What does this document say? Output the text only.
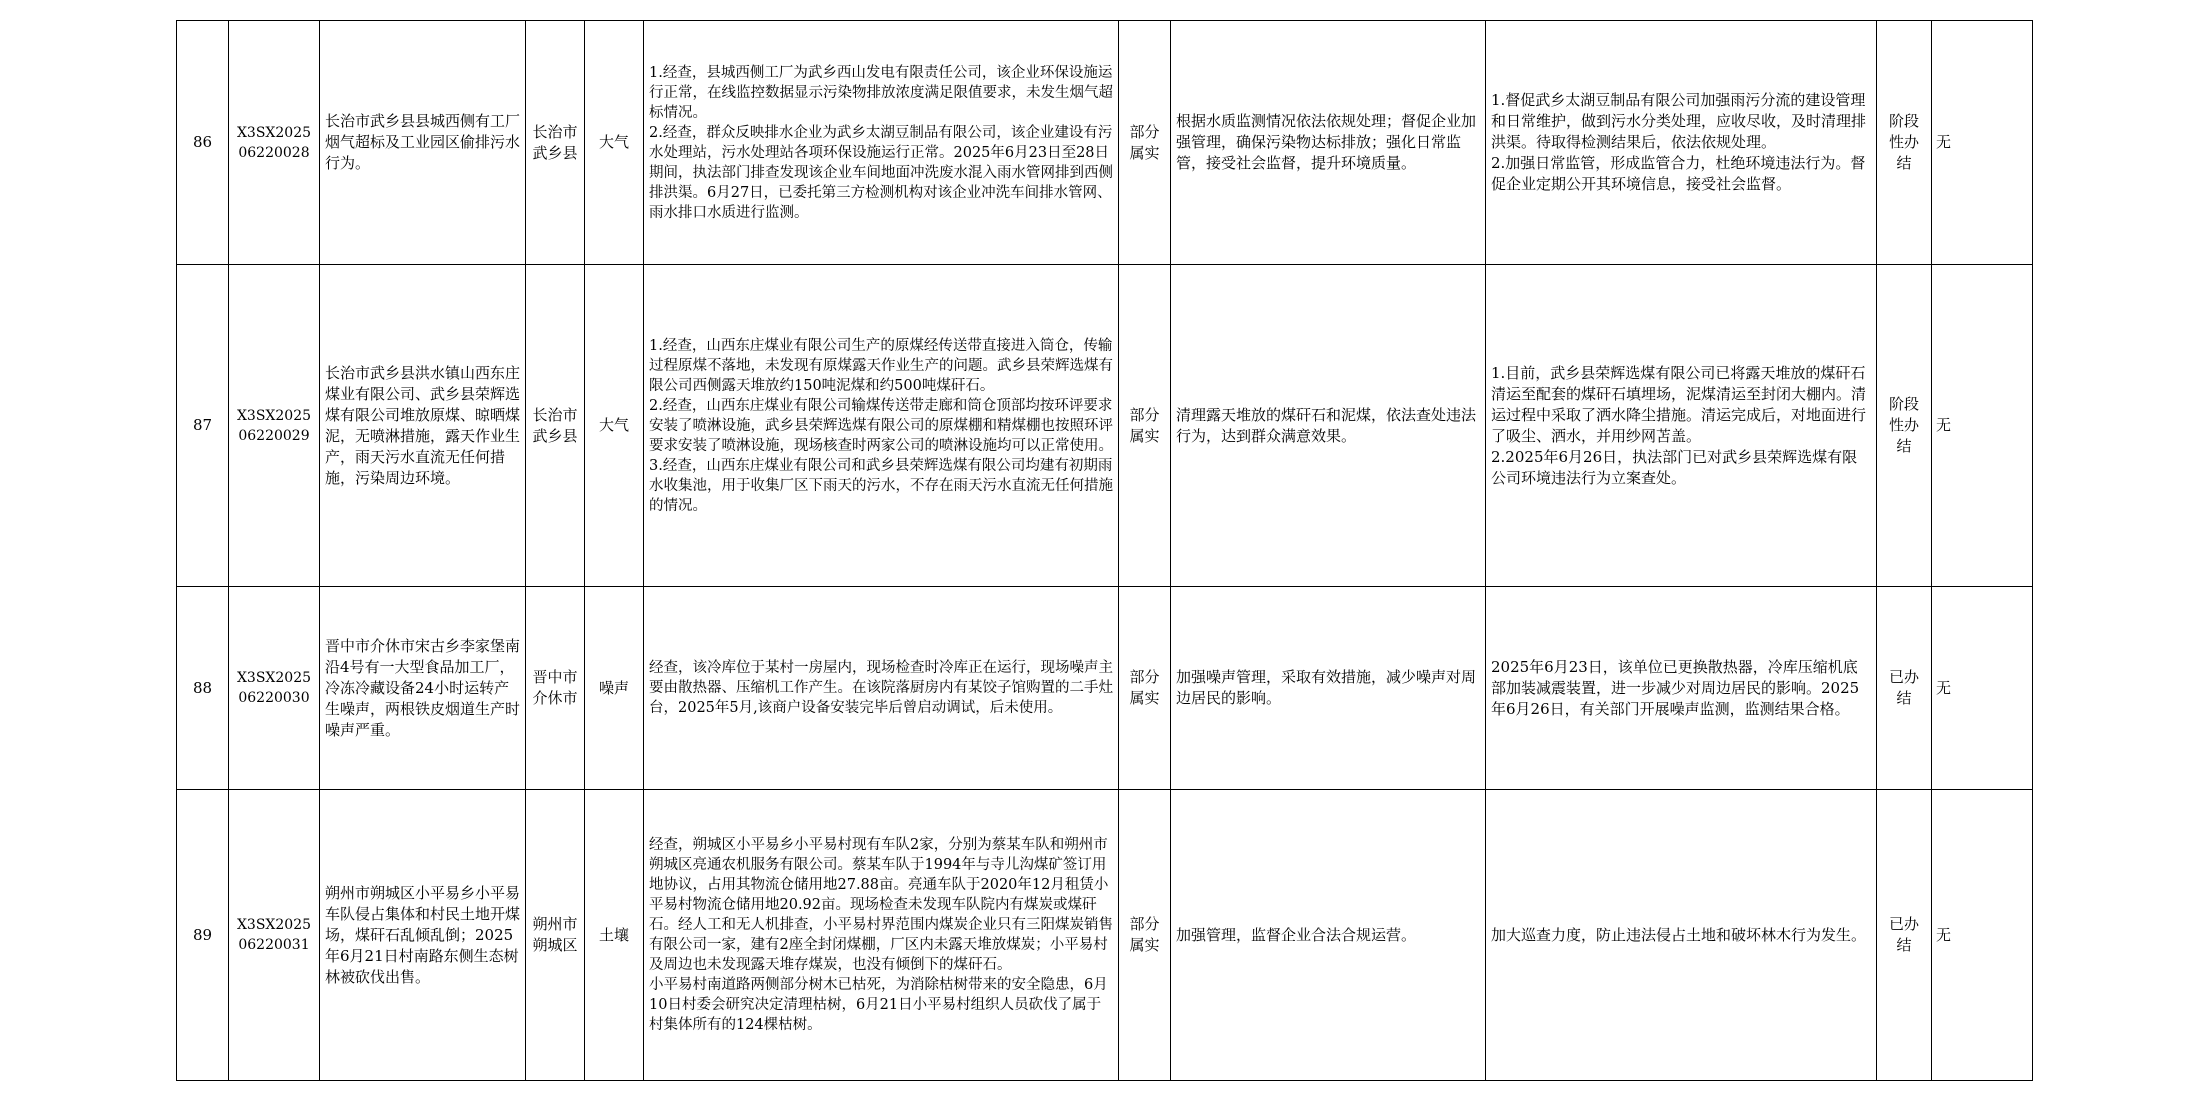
86	X3SX202506220028	长治市武乡县县城西侧有工厂烟气超标及工业园区偷排污水行为。	长治市武乡县	大气	1.经查，县城西侧工厂为武乡西山发电有限责任公司，该企业环保设施运行正常，在线监控数据显示污染物排放浓度满足限值要求，未发生烟气超标情况。
2.经查，群众反映排水企业为武乡太湖豆制品有限公司，该企业建设有污水处理站，污水处理站各项环保设施运行正常。2025年6月23日至28日期间，执法部门排查发现该企业车间地面冲洗废水混入雨水管网排到西侧排洪渠。6月27日，已委托第三方检测机构对该企业冲洗车间排水管网、雨水排口水质进行监测。	部分属实	根据水质监测情况依法依规处理；督促企业加强管理，确保污染物达标排放；强化日常监管，接受社会监督，提升环境质量。	1.督促武乡太湖豆制品有限公司加强雨污分流的建设管理和日常维护，做到污水分类处理，应收尽收，及时清理排洪渠。待取得检测结果后，依法依规处理。
2.加强日常监管，形成监管合力，杜绝环境违法行为。督促企业定期公开其环境信息，接受社会监督。	阶段性办结	无
87	X3SX202506220029	长治市武乡县洪水镇山西东庄煤业有限公司、武乡县荣辉选煤有限公司堆放原煤、晾晒煤泥，无喷淋措施，露天作业生产，雨天污水直流无任何措施，污染周边环境。	长治市武乡县	大气	1.经查，山西东庄煤业有限公司生产的原煤经传送带直接进入筒仓，传输过程原煤不落地，未发现有原煤露天作业生产的问题。武乡县荣辉选煤有限公司西侧露天堆放约150吨泥煤和约500吨煤矸石。
2.经查，山西东庄煤业有限公司输煤传送带走廊和筒仓顶部均按环评要求安装了喷淋设施，武乡县荣辉选煤有限公司的原煤棚和精煤棚也按照环评要求安装了喷淋设施，现场核查时两家公司的喷淋设施均可以正常使用。
3.经查，山西东庄煤业有限公司和武乡县荣辉选煤有限公司均建有初期雨水收集池，用于收集厂区下雨天的污水，不存在雨天污水直流无任何措施的情况。	部分属实	清理露天堆放的煤矸石和泥煤，依法查处违法行为，达到群众满意效果。	1.目前，武乡县荣辉选煤有限公司已将露天堆放的煤矸石清运至配套的煤矸石填埋场，泥煤清运至封闭大棚内。清运过程中采取了洒水降尘措施。清运完成后，对地面进行了吸尘、洒水，并用纱网苫盖。
2.2025年6月26日，执法部门已对武乡县荣辉选煤有限公司环境违法行为立案查处。	阶段性办结	无
88	X3SX202506220030	晋中市介休市宋古乡李家堡南沿4号有一大型食品加工厂，冷冻冷藏设备24小时运转产生噪声，两根铁皮烟道生产时噪声严重。	晋中市介休市	噪声	经查，该冷库位于某村一房屋内，现场检查时冷库正在运行，现场噪声主要由散热器、压缩机工作产生。在该院落厨房内有某饺子馆购置的二手灶台，2025年5月,该商户设备安装完毕后曾启动调试，后未使用。	部分属实	加强噪声管理，采取有效措施，减少噪声对周边居民的影响。	2025年6月23日，该单位已更换散热器，冷库压缩机底部加装减震装置，进一步减少对周边居民的影响。2025年6月26日，有关部门开展噪声监测，监测结果合格。	已办结	无
89	X3SX202506220031	朔州市朔城区小平易乡小平易车队侵占集体和村民土地开煤场，煤矸石乱倾乱倒；2025年6月21日村南路东侧生态树林被砍伐出售。	朔州市朔城区	土壤	经查，朔城区小平易乡小平易村现有车队2家，分别为蔡某车队和朔州市朔城区亮通农机服务有限公司。蔡某车队于1994年与寺儿沟煤矿签订用地协议，占用其物流仓储用地27.88亩。亮通车队于2020年12月租赁小平易村物流仓储用地20.92亩。现场检查未发现车队院内有煤炭或煤矸石。经人工和无人机排查，小平易村界范围内煤炭企业只有三阳煤炭销售有限公司一家，建有2座全封闭煤棚，厂区内未露天堆放煤炭；小平易村及周边也未发现露天堆存煤炭，也没有倾倒下的煤矸石。
小平易村南道路两侧部分树木已枯死，为消除枯树带来的安全隐患，6月10日村委会研究决定清理枯树，6月21日小平易村组织人员砍伐了属于村集体所有的124棵枯树。	部分属实	加强管理，监督企业合法合规运营。	加大巡查力度，防止违法侵占土地和破坏林木行为发生。	已办结	无
